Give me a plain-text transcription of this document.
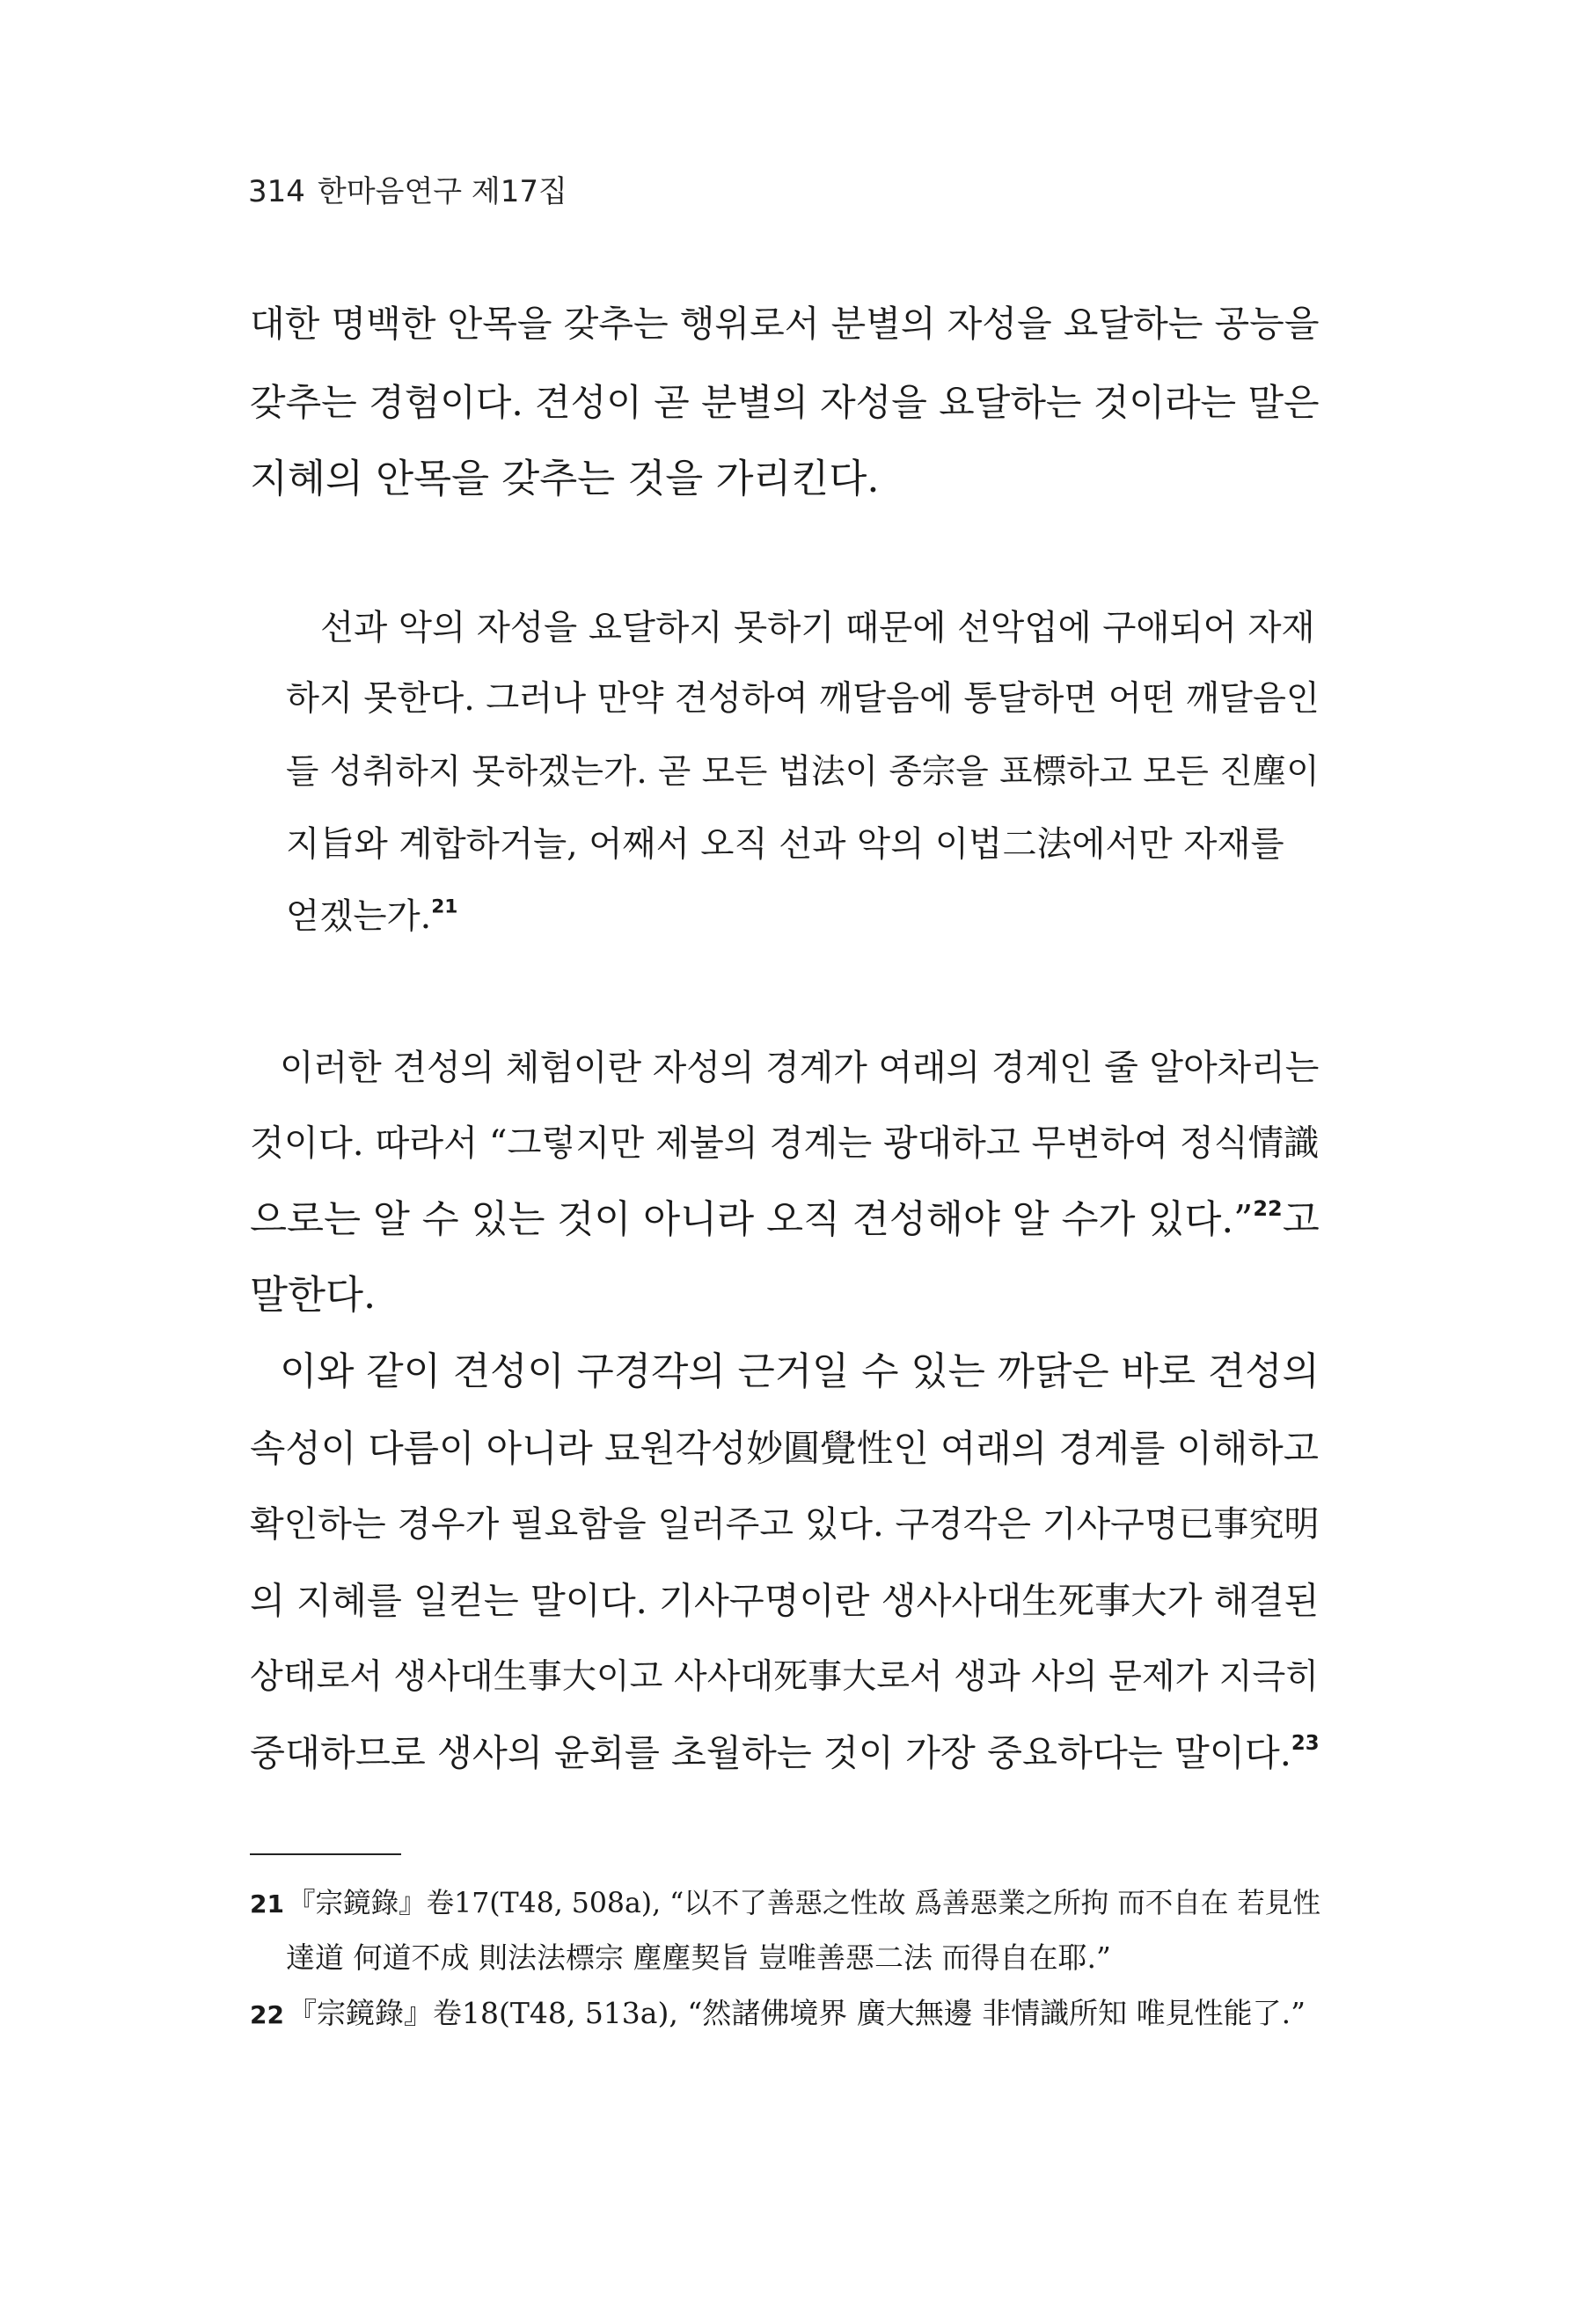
314 한마음연구 제17집
대한 명백한 안목을 갖추는 행위로서 분별의 자성을 요달하는 공능을
갖추는 경험이다. 견성이 곧 분별의 자성을 요달하는 것이라는 말은
지혜의 안목을 갖추는 것을 가리킨다.
선과 악의 자성을 요달하지 못하기 때문에 선악업에 구애되어 자재
하지 못한다. 그러나 만약 견성하여 깨달음에 통달하면 어떤 깨달음인
들 성취하지 못하겠는가. 곧 모든 법法이 종宗을 표標하고 모든 진塵이
지旨와 계합하거늘, 어째서 오직 선과 악의 이법二法에서만 자재를
얻겠는가.$^{21}$
이러한 견성의 체험이란 자성의 경계가 여래의 경계인 줄 알아차리는
것이다. 따라서 “그렇지만 제불의 경계는 광대하고 무변하여 정식情識
으로는 알 수 있는 것이 아니라 오직 견성해야 알 수가 있다.”$^{22}$고
말한다.
이와 같이 견성이 구경각의 근거일 수 있는 까닭은 바로 견성의
속성이 다름이 아니라 묘원각성妙圓覺性인 여래의 경계를 이해하고
확인하는 경우가 필요함을 일러주고 있다. 구경각은 기사구명已事究明
의 지혜를 일컫는 말이다. 기사구명이란 생사사대生死事大가 해결된
상태로서 생사대生事大이고 사사대死事大로서 생과 사의 문제가 지극히
중대하므로 생사의 윤회를 초월하는 것이 가장 중요하다는 말이다.$^{23}$
21 『宗鏡錄』卷17(T48, 508a), “以不了善惡之性故 爲善惡業之所拘 而不自在 若見性
達道 何道不成 則法法標宗 塵塵契旨 豈唯善惡二法 而得自在耶.”
22 『宗鏡錄』卷18(T48, 513a), “然諸佛境界 廣大無邊 非情識所知 唯見性能了.”
